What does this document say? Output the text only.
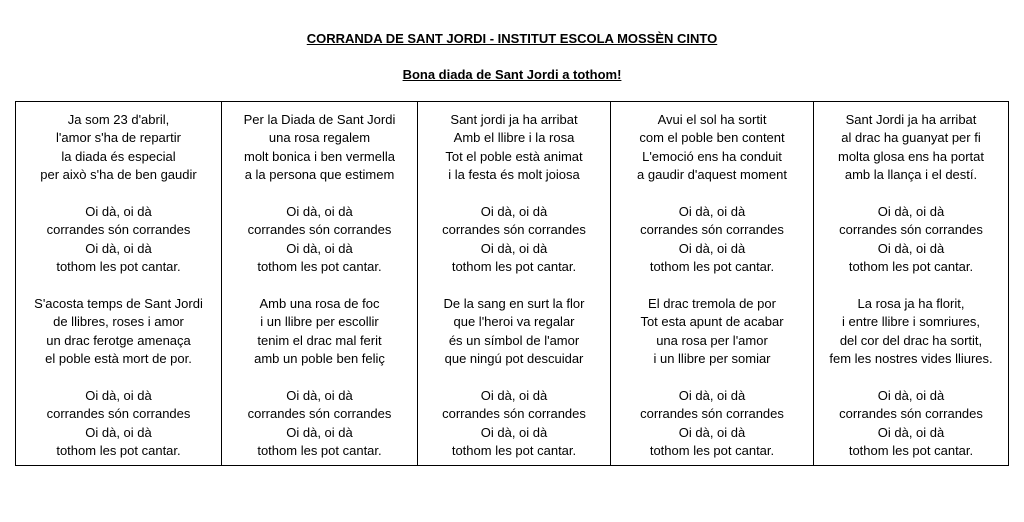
CORRANDA DE SANT JORDI - INSTITUT ESCOLA MOSSÈN CINTO
Bona diada de Sant Jordi a tothom!
Ja som 23 d'abril,
l'amor s'ha de repartir
la diada és especial
per això s'ha de ben gaudir
Oi dà, oi dà
corrandes són corrandes
Oi dà, oi dà
tothom les pot cantar.
S'acosta temps de Sant Jordi
de llibres, roses i amor
un drac ferotge amenaça
el poble està mort de por.
Oi dà, oi dà
corrandes són corrandes
Oi dà, oi dà
tothom les pot cantar.
Per la Diada de Sant Jordi
una rosa regalem
molt bonica i ben vermella
a la persona que estimem
Oi dà, oi dà
corrandes són corrandes
Oi dà, oi dà
tothom les pot cantar.
Amb una rosa de foc
i un llibre per escollir
tenim el drac mal ferit
amb un poble ben feliç
Oi dà, oi dà
corrandes són corrandes
Oi dà, oi dà
tothom les pot cantar.
Sant jordi ja ha arribat
Amb el llibre i la rosa
Tot el poble està animat
i la festa és molt joiosa
Oi dà, oi dà
corrandes són corrandes
Oi dà, oi dà
tothom les pot cantar.
De la sang en surt la flor
que l'heroi va regalar
és un símbol de l'amor
que ningú pot descuidar
Oi dà, oi dà
corrandes són corrandes
Oi dà, oi dà
tothom les pot cantar.
Avui el sol ha sortit
com el poble ben content
L'emoció ens ha conduit
a gaudir d'aquest moment
Oi dà, oi dà
corrandes són corrandes
Oi dà, oi dà
tothom les pot cantar.
El drac tremola de por
Tot esta apunt de acabar
una rosa per l'amor
i un llibre per somiar
Oi dà, oi dà
corrandes són corrandes
Oi dà, oi dà
tothom les pot cantar.
Sant Jordi ja ha arribat
al drac ha guanyat per fi
molta glosa ens ha portat
amb la llança i el destí.
Oi dà, oi dà
corrandes són corrandes
Oi dà, oi dà
tothom les pot cantar.
La rosa ja ha florit,
i entre llibre i somriures,
del cor del drac ha sortit,
fem les nostres vides lliures.
Oi dà, oi dà
corrandes són corrandes
Oi dà, oi dà
tothom les pot cantar.
